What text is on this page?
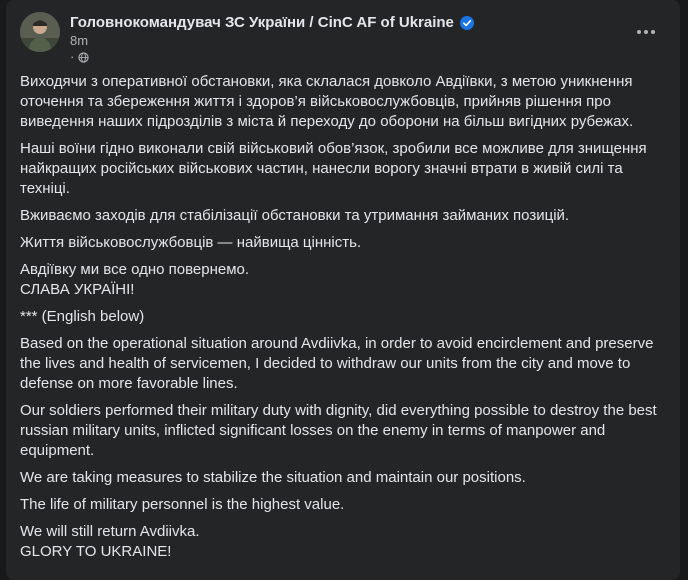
Головнокомандувач ЗС України / CinC AF of Ukraine
8m
·

Виходячи з оперативної обстановки, яка склалася довколо Авдіївки, з метою уникнення оточення та збереження життя і здоров’я військовослужбовців, прийняв рішення про виведення наших підрозділів з міста й переходу до оборони на більш вигідних рубежах.

Наші воїни гідно виконали свій військовий обов’язок, зробили все можливе для знищення найкращих російських військових частин, нанесли ворогу значні втрати в живій силі та техніці.

Вживаємо заходів для стабілізації обстановки та утримання займаних позицій.

Життя військовослужбовців — найвища цінність.

Авдіївку ми все одно повернемо.
СЛАВА УКРАЇНІ!

*** (English below)

Based on the operational situation around Avdiivka, in order to avoid encirclement and preserve the lives and health of servicemen, I decided to withdraw our units from the city and move to defense on more favorable lines.

Our soldiers performed their military duty with dignity, did everything possible to destroy the best russian military units, inflicted significant losses on the enemy in terms of manpower and equipment.

We are taking measures to stabilize the situation and maintain our positions.

The life of military personnel is the highest value.

We will still return Avdiivka.
GLORY TO UKRAINE!
